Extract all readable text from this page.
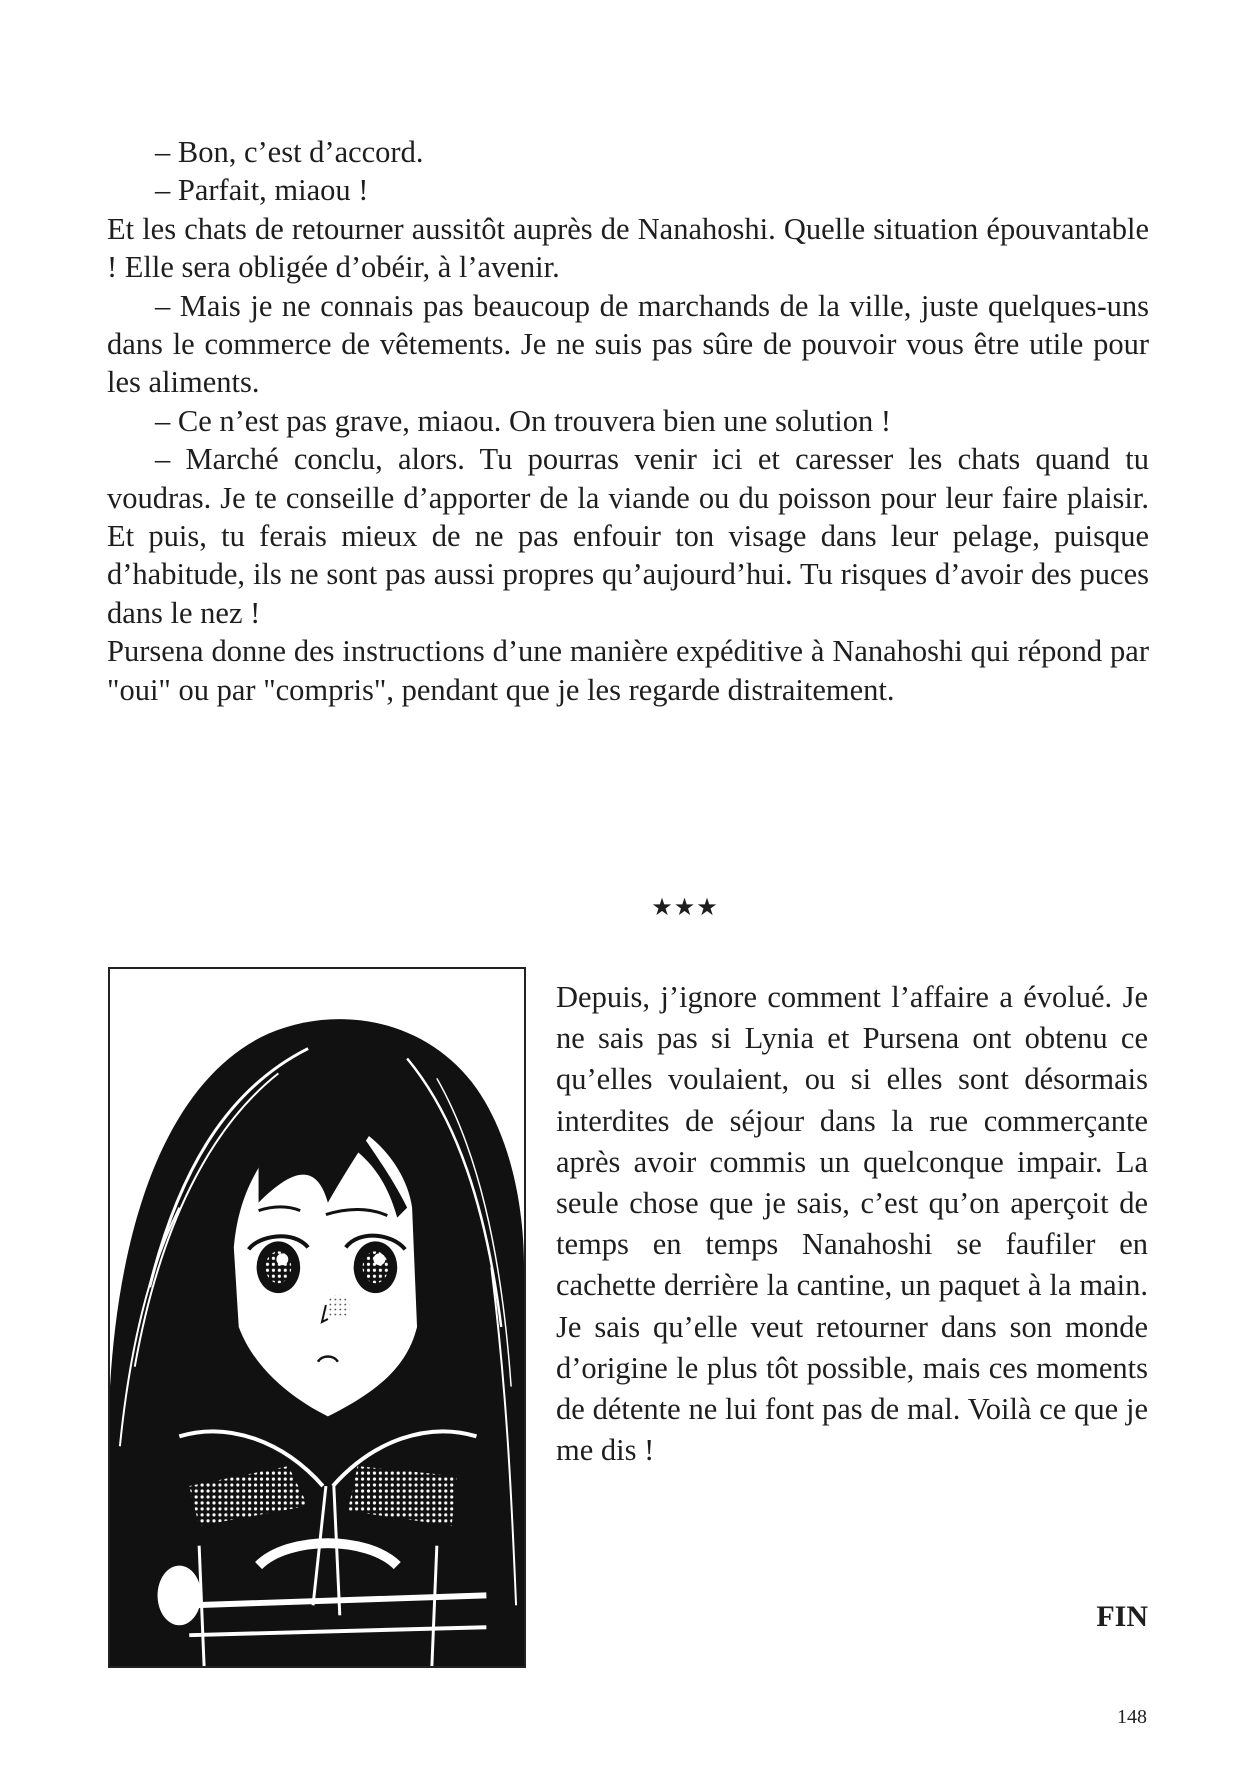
– Bon, c’est d’accord.

– Parfait, miaou !

Et les chats de retourner aussitôt auprès de Nanahoshi. Quelle situation épouvantable ! Elle sera obligée d’obéir, à l’avenir.

– Mais je ne connais pas beaucoup de marchands de la ville, juste quelques-uns dans le commerce de vêtements. Je ne suis pas sûre de pouvoir vous être utile pour les aliments.

– Ce n’est pas grave, miaou. On trouvera bien une solution !

– Marché conclu, alors. Tu pourras venir ici et caresser les chats quand tu voudras. Je te conseille d’apporter de la viande ou du poisson pour leur faire plaisir. Et puis, tu ferais mieux de ne pas enfouir ton visage dans leur pelage, puisque d’habitude, ils ne sont pas aussi propres qu’aujourd’hui. Tu risques d’avoir des puces dans le nez !

Pursena donne des instructions d’une manière expéditive à Nanahoshi qui répond par "oui" ou par "compris", pendant que je les regarde distraitement.

★★★

Depuis, j’ignore comment l’affaire a évolué. Je ne sais pas si Lynia et Pursena ont obtenu ce qu’elles voulaient, ou si elles sont désormais interdites de séjour dans la rue commerçante après avoir commis un quelconque impair. La seule chose que je sais, c’est qu’on aperçoit de temps en temps Nanahoshi se faufiler en cachette derrière la cantine, un paquet à la main. Je sais qu’elle veut retourner dans son monde d’origine le plus tôt possible, mais ces moments de détente ne lui font pas de mal. Voilà ce que je me dis !

FIN
148
